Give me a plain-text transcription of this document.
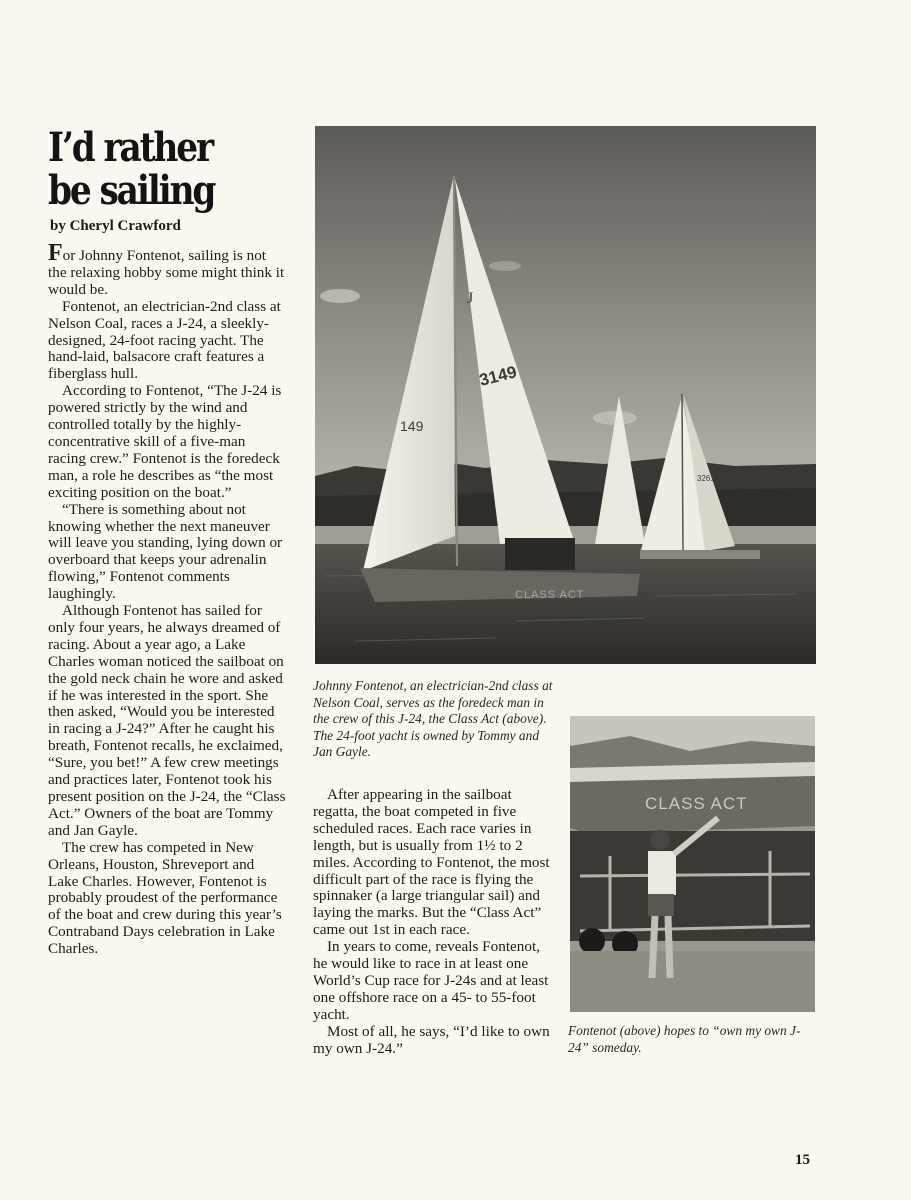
I’d rather be sailing

by Cheryl Crawford

For Johnny Fontenot, sailing is not the relaxing hobby some might think it would be.

Fontenot, an electrician-2nd class at Nelson Coal, races a J-24, a sleekly-designed, 24-foot racing yacht. The hand-laid, balsacore craft features a fiberglass hull.

According to Fontenot, “The J-24 is powered strictly by the wind and controlled totally by the highly-concentrative skill of a five-man racing crew.” Fontenot is the foredeck man, a role he describes as “the most exciting position on the boat.”

“There is something about not knowing whether the next maneuver will leave you standing, lying down or overboard that keeps your adrenalin flowing,” Fontenot comments laughingly.

Although Fontenot has sailed for only four years, he always dreamed of racing. About a year ago, a Lake Charles woman noticed the sailboat on the gold neck chain he wore and asked if he was interested in the sport. She then asked, “Would you be interested in racing a J-24?” After he caught his breath, Fontenot recalls, he exclaimed, “Sure, you bet!” A few crew meetings and practices later, Fontenot took his present position on the J-24, the “Class Act.” Owners of the boat are Tommy and Jan Gayle.

The crew has competed in New Orleans, Houston, Shreveport and Lake Charles. However, Fontenot is probably proudest of the performance of the boat and crew during this year’s Contraband Days celebration in Lake Charles.

149
3149
J
CLASS ACT
3261

Johnny Fontenot, an electrician-2nd class at Nelson Coal, serves as the foredeck man in the crew of this J-24, the Class Act (above). The 24-foot yacht is owned by Tommy and Jan Gayle.

After appearing in the sailboat regatta, the boat competed in five scheduled races. Each race varies in length, but is usually from 1½ to 2 miles. According to Fontenot, the most difficult part of the race is flying the spinnaker (a large triangular sail) and laying the marks. But the “Class Act” came out 1st in each race.

In years to come, reveals Fontenot, he would like to race in at least one World’s Cup race for J-24s and at least one offshore race on a 45- to 55-foot yacht.

Most of all, he says, “I’d like to own my own J-24.”

CLASS ACT

Fontenot (above) hopes to “own my own J-24” someday.

15
